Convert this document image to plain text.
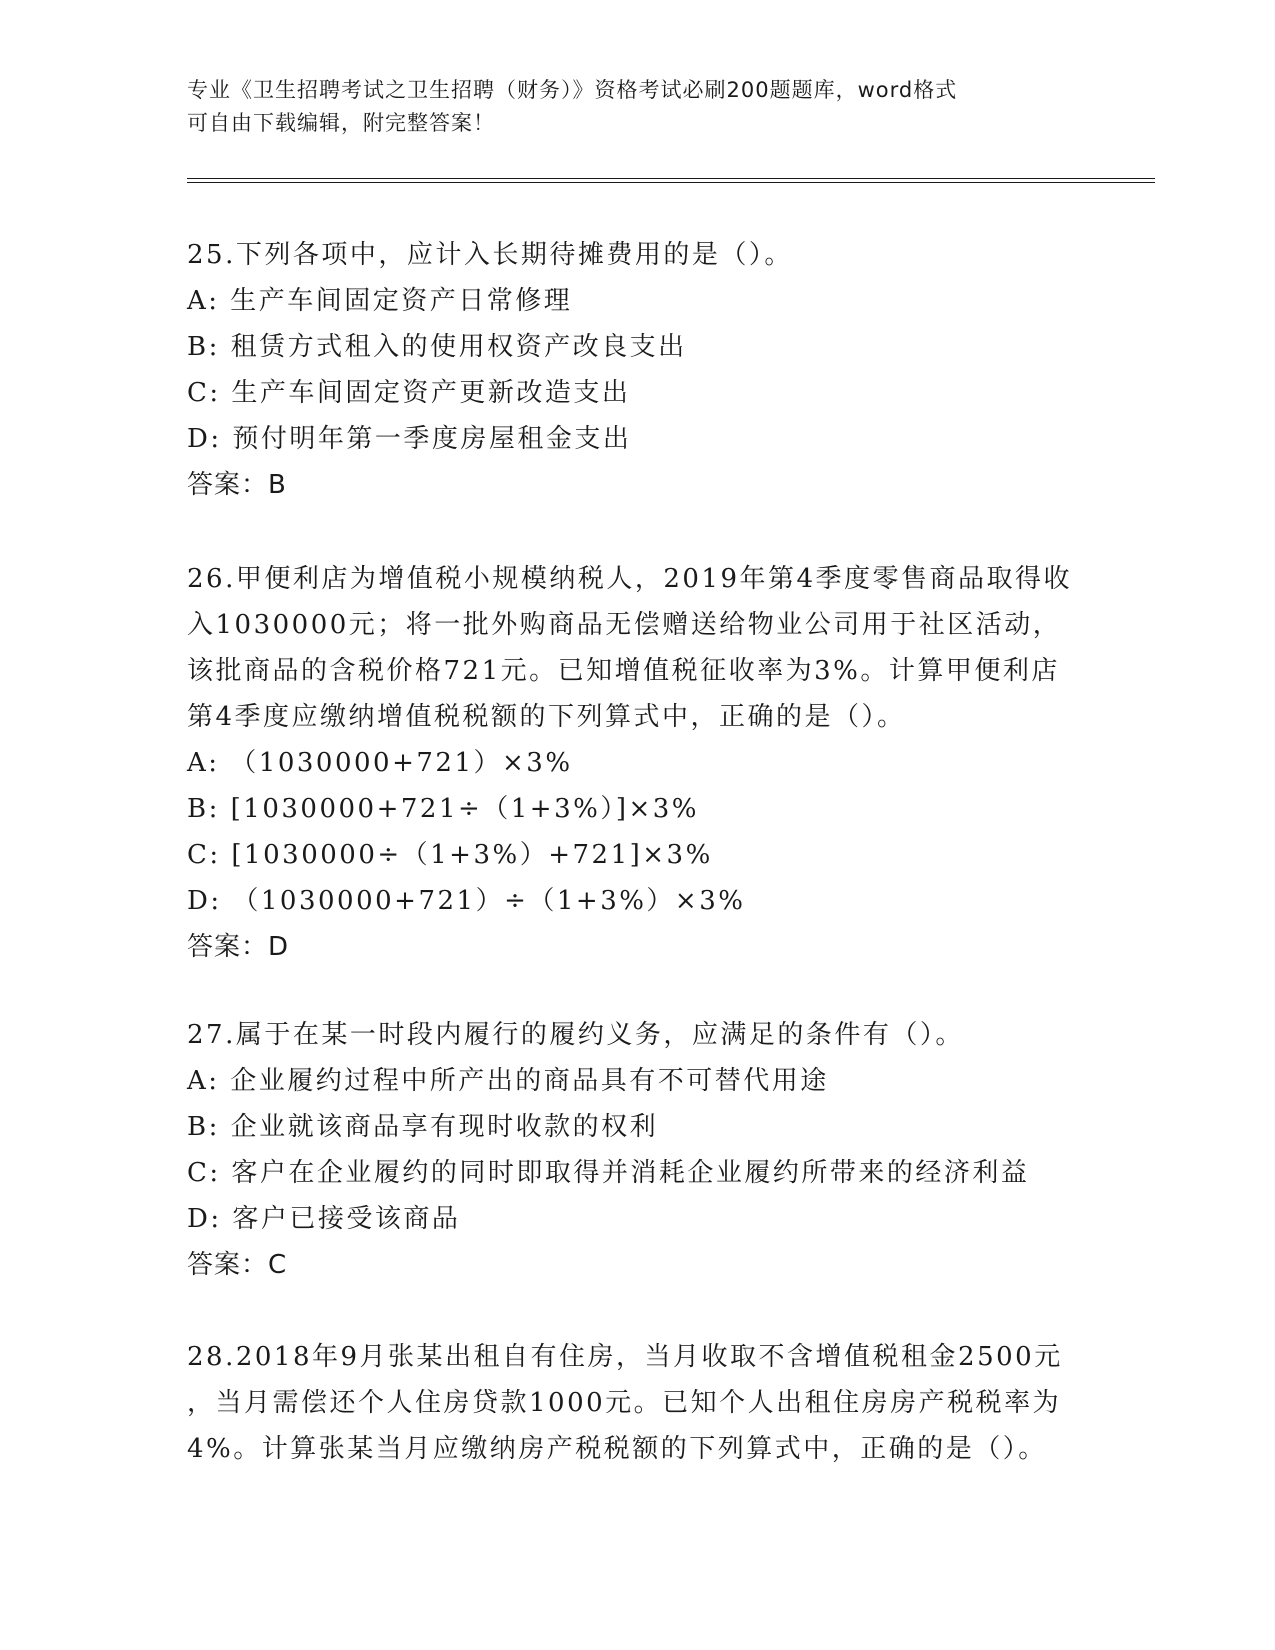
专业《卫生招聘考试之卫生招聘（财务）》资格考试必刷200题题库，word格式
可自由下载编辑，附完整答案！
25.下列各项中，应计入长期待摊费用的是（）。
A: 生产车间固定资产日常修理
B: 租赁方式租入的使用权资产改良支出
C: 生产车间固定资产更新改造支出
D: 预付明年第一季度房屋租金支出
答案：B
26.甲便利店为增值税小规模纳税人，2019年第4季度零售商品取得收
入1030000元；将一批外购商品无偿赠送给物业公司用于社区活动，
该批商品的含税价格721元。已知增值税征收率为3%。计算甲便利店
第4季度应缴纳增值税税额的下列算式中，正确的是（）。
A: （1030000+721）×3%
B: [1030000+721÷（1+3%）]×3%
C: [1030000÷（1+3%）+721]×3%
D: （1030000+721）÷（1+3%）×3%
答案：D
27.属于在某一时段内履行的履约义务，应满足的条件有（）。
A: 企业履约过程中所产出的商品具有不可替代用途
B: 企业就该商品享有现时收款的权利
C: 客户在企业履约的同时即取得并消耗企业履约所带来的经济利益
D: 客户已接受该商品
答案：C
28.2018年9月张某出租自有住房，当月收取不含增值税租金2500元
，当月需偿还个人住房贷款1000元。已知个人出租住房房产税税率为
4%。计算张某当月应缴纳房产税税额的下列算式中，正确的是（）。
